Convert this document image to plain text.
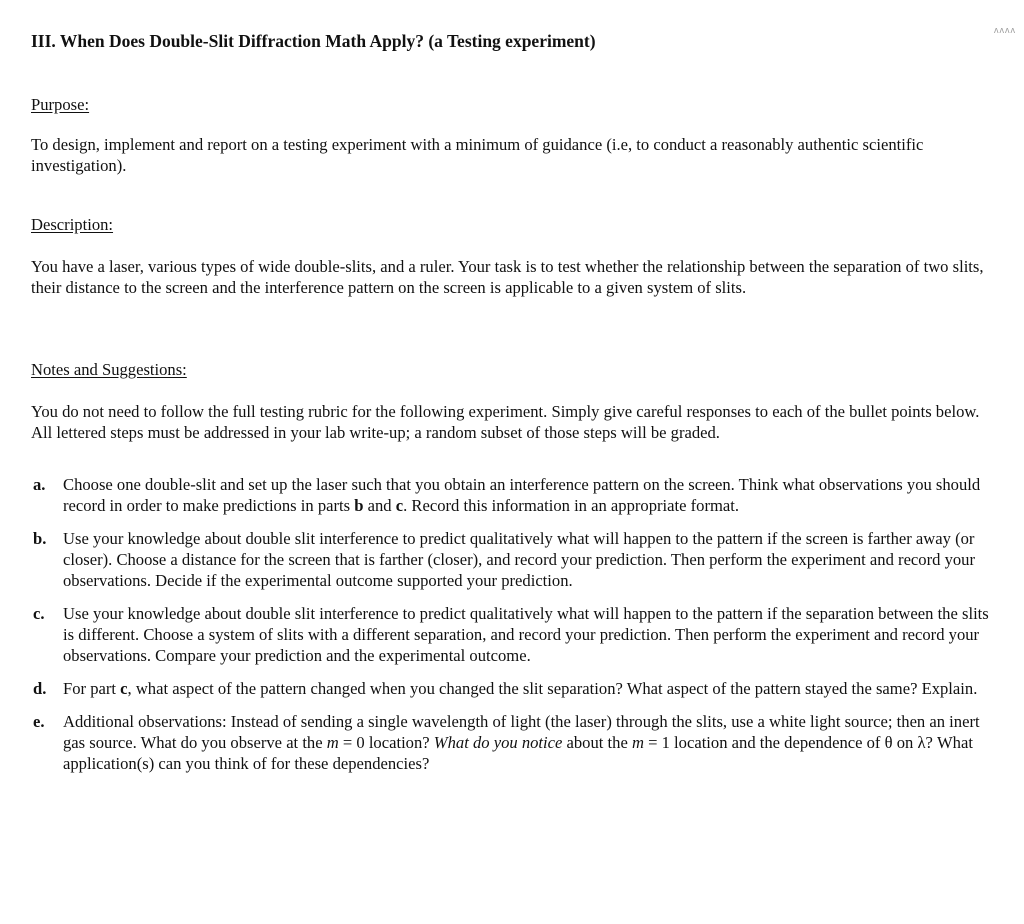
ᴧᴧᴧᴧ
III. When Does Double-Slit Diffraction Math Apply? (a Testing experiment)
Purpose:

To design, implement and report on a testing experiment with a minimum of guidance (i.e, to conduct a reasonably authentic scientific investigation).

Description:

You have a laser, various types of wide double-slits, and a ruler. Your task is to test whether the relationship between the separation of two slits, their distance to the screen and the interference pattern on the screen is applicable to a given system of slits.

Notes and Suggestions:

You do not need to follow the full testing rubric for the following experiment. Simply give careful responses to each of the bullet points below. All lettered steps must be addressed in your lab write-up; a random subset of those steps will be graded.

a.	Choose one double-slit and set up the laser such that you obtain an interference pattern on the screen. Think what observations you should record in order to make predictions in parts b and c. Record this information in an appropriate format.
b.	Use your knowledge about double slit interference to predict qualitatively what will happen to the pattern if the screen is farther away (or closer). Choose a distance for the screen that is farther (closer), and record your prediction. Then perform the experiment and record your observations. Decide if the experimental outcome supported your prediction.
c.	Use your knowledge about double slit interference to predict qualitatively what will happen to the pattern if the separation between the slits is different. Choose a system of slits with a different separation, and record your prediction. Then perform the experiment and record your observations. Compare your prediction and the experimental outcome.
d.	For part c, what aspect of the pattern changed when you changed the slit separation? What aspect of the pattern stayed the same? Explain.
e.	Additional observations: Instead of sending a single wavelength of light (the laser) through the slits, use a white light source; then an inert gas source. What do you observe at the m = 0 location? What do you notice about the m = 1 location and the dependence of θ on λ? What application(s) can you think of for these dependencies?
